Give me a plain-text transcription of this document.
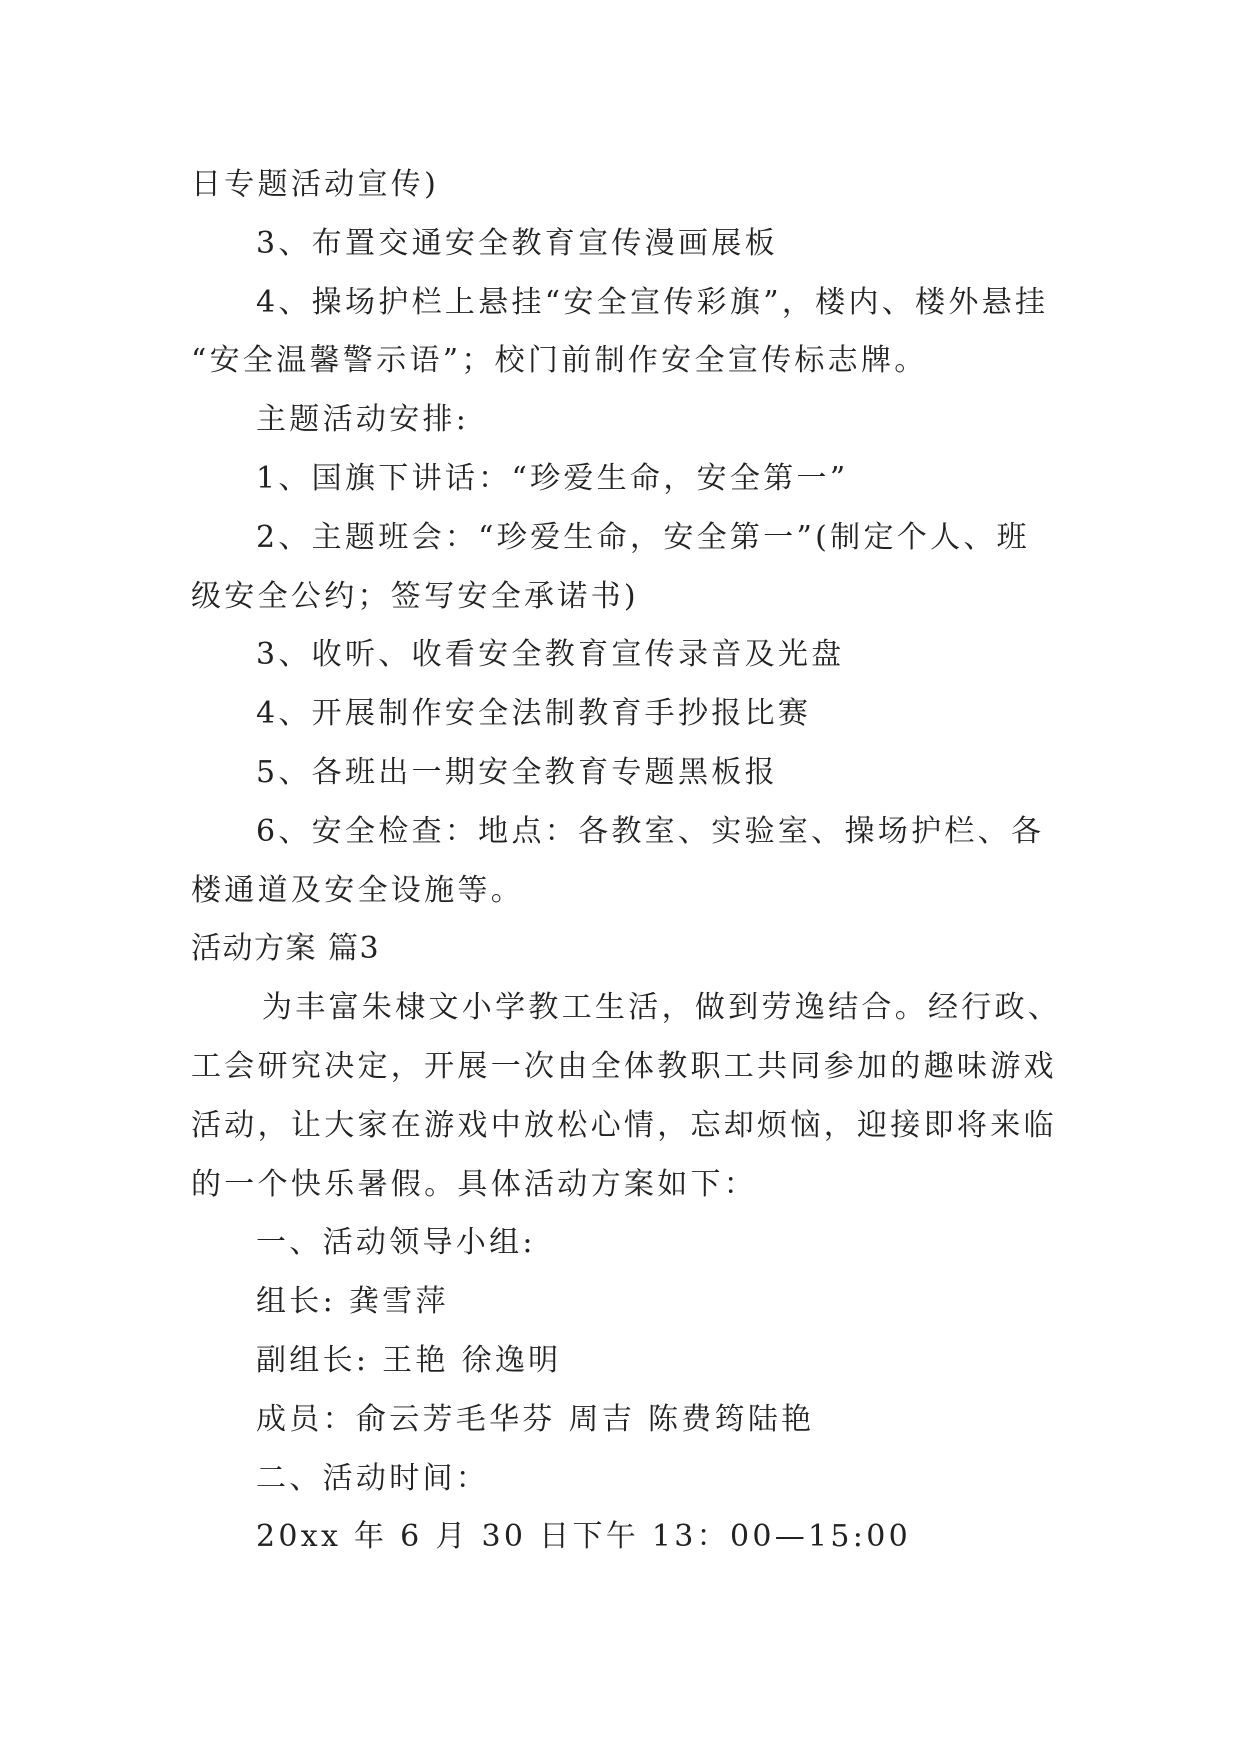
日专题活动宣传)
3、布置交通安全教育宣传漫画展板
4、操场护栏上悬挂“安全宣传彩旗”，楼内、楼外悬挂
“安全温馨警示语”；校门前制作安全宣传标志牌。
主题活动安排:
1、国旗下讲话：“珍爱生命，安全第一”
2、主题班会：“珍爱生命，安全第一”(制定个人、班
级安全公约；签写安全承诺书)
3、收听、收看安全教育宣传录音及光盘
4、开展制作安全法制教育手抄报比赛
5、各班出一期安全教育专题黑板报
6、安全检查：地点：各教室、实验室、操场护栏、各
楼通道及安全设施等。
活动方案 篇3
为丰富朱棣文小学教工生活，做到劳逸结合。经行政、
工会研究决定，开展一次由全体教职工共同参加的趣味游戏
活动，让大家在游戏中放松心情，忘却烦恼，迎接即将来临
的一个快乐暑假。具体活动方案如下：
一、活动领导小组:
组长: 龚雪萍
副组长: 王艳 徐逸明
成员：俞云芳毛华芬 周吉 陈费筠陆艳
二、活动时间：
20xx 年 6 月 30 日下午 13：00—15:00
